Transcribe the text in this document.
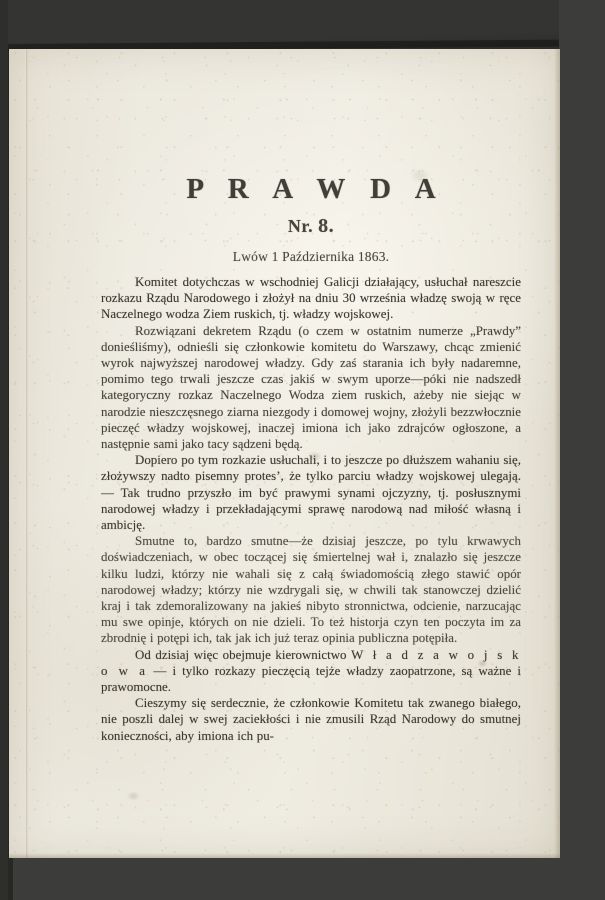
P R A W D A
Nr. 8.
Lwów 1 Października 1863.

Komitet dotychczas w wschodniej Galicji działający, usłuchał nareszcie rozkazu Rządu Narodowego i złożył na dniu 30 września władzę swoją w ręce Naczelnego wodza Ziem ruskich, tj. władzy wojskowej.

Rozwiązani dekretem Rządu (o czem w ostatnim numerze „Prawdy” donieśliśmy), odnieśli się członkowie komitetu do Warszawy, chcąc zmienić wyrok najwyższej narodowej władzy. Gdy zaś starania ich były nadaremne, pomimo tego trwali jeszcze czas jakiś w swym uporze—póki nie nadszedł kategoryczny rozkaz Naczelnego Wodza ziem ruskich, ażeby nie siejąc w narodzie nieszczęsnego ziarna niezgody i domowej wojny, złożyli bezzwłocznie pieczęć władzy wojskowej, inaczej imiona ich jako zdrajców ogłoszone, a następnie sami jako tacy sądzeni będą.

Dopiero po tym rozkazie usłuchali, i to jeszcze po dłuższem wahaniu się, złożywszy nadto pisemny protes’, że tylko parciu władzy wojskowej ulegają. — Tak trudno przyszło im być prawymi synami ojczyzny, tj. posłusznymi narodowej władzy i przekładającymi sprawę narodową nad miłość własną i ambicję.

Smutne to, bardzo smutne—że dzisiaj jeszcze, po tylu krwawych doświadczeniach, w obec toczącej się śmiertelnej wał i, znalazło się jeszcze kilku ludzi, którzy nie wahali się z całą świadomością złego stawić opór narodowej władzy; którzy nie wzdrygali się, w chwili tak stanowczej dzielić kraj i tak zdemoralizowany na jakieś nibyto stronnictwa, odcienie, narzucając mu swe opinje, których on nie dzieli. To też historja czyn ten poczyta im za zbrodnię i potępi ich, tak jak ich już teraz opinia publiczna potępiła.

Od dzisiaj więc obejmuje kierownictwo W ł a d z a w o j s k o w a — i tylko rozkazy pieczęcią tejże władzy zaopatrzone, są ważne i prawomocne.

Cieszymy się serdecznie, że członkowie Komitetu tak zwanego białego, nie poszli dalej w swej zaciekłości i nie zmusili Rząd Narodowy do smutnej konieczności, aby imiona ich pu-
